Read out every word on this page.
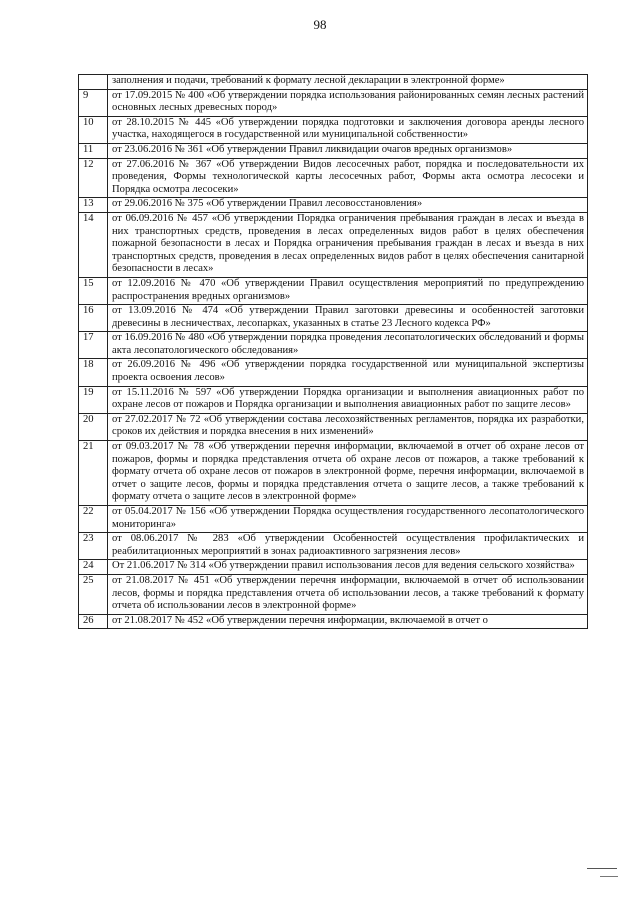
98
	заполнения и подачи, требований к формату лесной декларации в электронной форме»
9	от 17.09.2015 № 400 «Об утверждении порядка использования районированных семян лесных растений основных лесных древесных пород»
10	от 28.10.2015 № 445 «Об утверждении порядка подготовки и заключения договора аренды лесного участка, находящегося в государственной или муниципальной собственности»
11	от 23.06.2016 № 361 «Об утверждении Правил ликвидации очагов вредных организмов»
12	от 27.06.2016 № 367 «Об утверждении Видов лесосечных работ, порядка и последовательности их проведения, Формы технологической карты лесосечных работ, Формы акта осмотра лесосеки и Порядка осмотра лесосеки»
13	от 29.06.2016 № 375 «Об утверждении Правил лесовосстановления»
14	от 06.09.2016 № 457 «Об утверждении Порядка ограничения пребывания граждан в лесах и въезда в них транспортных средств, проведения в лесах определенных видов работ в целях обеспечения пожарной безопасности в лесах и Порядка ограничения пребывания граждан в лесах и въезда в них транспортных средств, проведения в лесах определенных видов работ в целях обеспечения санитарной безопасности в лесах»
15	от 12.09.2016 № 470 «Об утверждении Правил осуществления мероприятий по предупреждению распространения вредных организмов»
16	от 13.09.2016 № 474 «Об утверждении Правил заготовки древесины и особенностей заготовки древесины в лесничествах, лесопарках, указанных в статье 23 Лесного кодекса РФ»
17	от 16.09.2016 № 480 «Об утверждении порядка проведения лесопатологических обследований и формы акта лесопатологического обследования»
18	от 26.09.2016 № 496 «Об утверждении порядка государственной или муниципальной экспертизы проекта освоения лесов»
19	от 15.11.2016 № 597 «Об утверждении Порядка организации и выполнения авиационных работ по охране лесов от пожаров и Порядка организации и выполнения авиационных работ по защите лесов»
20	от 27.02.2017 № 72 «Об утверждении состава лесохозяйственных регламентов, порядка их разработки, сроков их действия и порядка внесения в них изменений»
21	от 09.03.2017 № 78 «Об утверждении перечня информации, включаемой в отчет об охране лесов от пожаров, формы и порядка представления отчета об охране лесов от пожаров, а также требований к формату отчета об охране лесов от пожаров в электронной форме, перечня информации, включаемой в отчет о защите лесов, формы и порядка представления отчета о защите лесов, а также требований к формату отчета о защите лесов в электронной форме»
22	от 05.04.2017 № 156 «Об утверждении Порядка осуществления государственного лесопатологического мониторинга»
23	от 08.06.2017 № 283 «Об утверждении Особенностей осуществления профилактических и реабилитационных мероприятий в зонах радиоактивного загрязнения лесов»
24	От 21.06.2017 № 314 «Об утверждении правил использования лесов для ведения сельского хозяйства»
25	от 21.08.2017 № 451 «Об утверждении перечня информации, включаемой в отчет об использовании лесов, формы и порядка представления отчета об использовании лесов, а также требований к формату отчета об использовании лесов в электронной форме»
26	от 21.08.2017 № 452 «Об утверждении перечня информации, включаемой в отчет о
